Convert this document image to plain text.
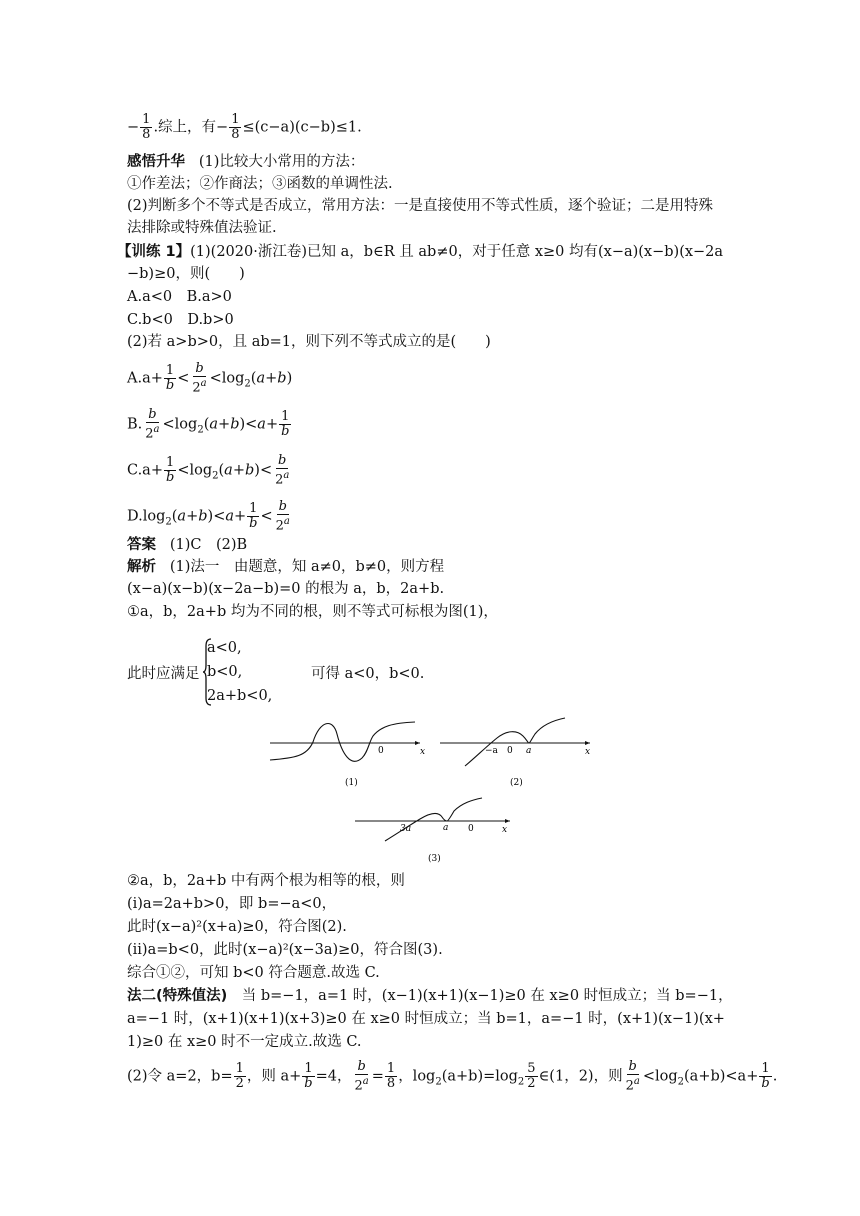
− $\frac{1}{8}$ .综上，有− $\frac{1}{8} \le(c-a)(c-b)\le 1$.
感悟升华 (1)比较大小常用的方法：
①作差法；②作商法；③函数的单调性法.
(2)判断多个不等式是否成立，常用方法：一是直接使用不等式性质，逐个验证；二是用特殊
法排除或特殊值法验证.
【训练 1】(1)(2020·浙江卷)已知 a，b∈R 且 ab≠0，对于任意 x≥0 均有(x−a)(x−b)(x−2a
−b)≥0，则(　　)
A.a<0　B.a>0
C.b<0　D.b>0
(2)若 a>b>0，且 ab=1，则下列不等式成立的是(　　)
$A.a+ \frac{1}{b} < \frac{b}{2^a} <\log_2(a+b)$
B. $\frac{b}{2^a} <\log_2(a+b)<a+ \frac{1}{b}$
$C.a+ \frac{1}{b} <\log_2(a+b)< \frac{b}{2^a}$
$D.\log_2(a+b)<a+ \frac{1}{b} < \frac{b}{2^a}$
答案 (1)C　(2)B
解析 (1)法一　由题意，知 a≠0，b≠0，则方程
(x−a)(x−b)(x−2a−b)=0 的根为 a，b，2a+b.
①a，b，2a+b 均为不同的根，则不等式可标根为图(1)，
此时应满足
a<0,
b<0,
2a+b<0,
可得 a<0，b<0.
0	x
(1)
−a 0 a	x
(2)
3a	a 0	x
(3)
②a，b，2a+b 中有两个根为相等的根，则
(ⅰ)a=2a+b>0，即 b=−a<0，
此时(x−a)²(x+a)≥0，符合图(2).
(ⅱ)a=b<0，此时(x−a)²(x−3a)≥0，符合图(3).
综合①②，可知 b<0 符合题意.故选 C.
法二(特殊值法)　当 b=−1，a=1 时，(x−1)(x+1)(x−1)≥0 在 x≥0 时恒成立；当 b=−1，
a=−1 时，(x+1)(x+1)(x+3)≥0 在 x≥0 时恒成立；当 b=1，a=−1 时，(x+1)(x−1)(x+
1)≥0 在 x≥0 时不一定成立.故选 C.
(2)令 a=2，$b= \frac{1}{2}$ ，则 $a+ \frac{1}{b} =4$， $\frac{b}{2^a} = \frac{1}{8}$ ，$\log_2(a+b)=\log_2 \frac{5}{2}$ ∈(1，2)，则 $\frac{b}{2^a} <\log_2(a+b)<a+ \frac{1}{b}$ .
